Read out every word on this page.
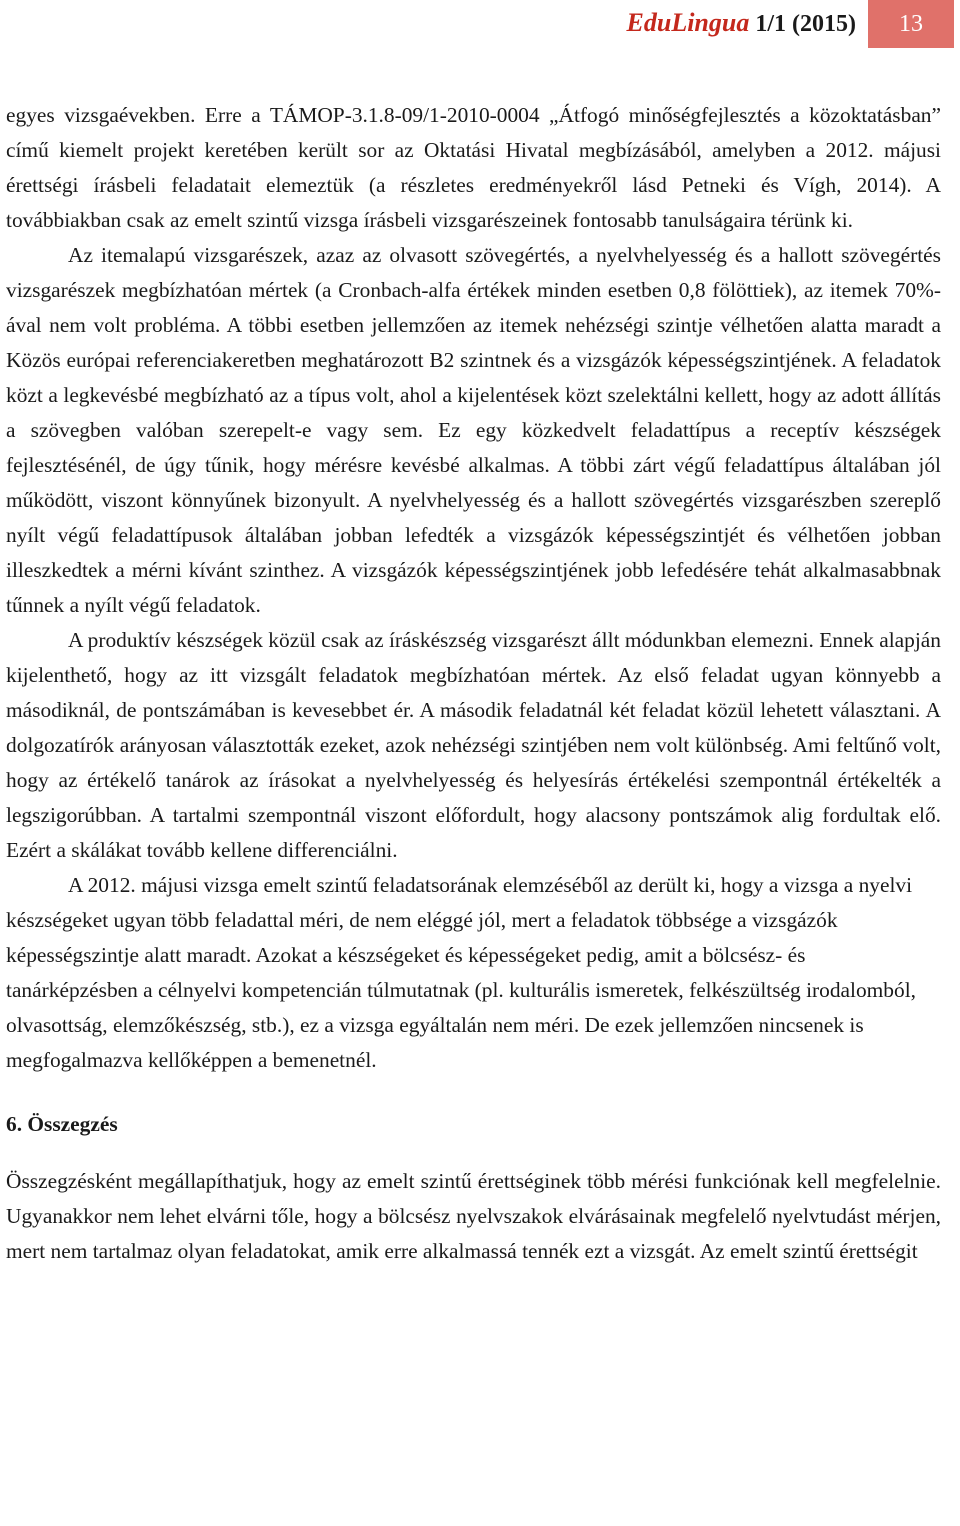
EduLingua 1/1 (2015)	13

egyes vizsgaévekben. Erre a TÁMOP-3.1.8-09/1-2010-0004 „Átfogó minőségfejlesztés a közoktatásban” című kiemelt projekt keretében került sor az Oktatási Hivatal megbízásából, amelyben a 2012. májusi érettségi írásbeli feladatait elemeztük (a részletes eredményekről lásd Petneki és Vígh, 2014). A továbbiakban csak az emelt szintű vizsga írásbeli vizsgarészeinek fontosabb tanulságaira térünk ki.

Az itemalapú vizsgarészek, azaz az olvasott szövegértés, a nyelvhelyesség és a hallott szövegértés vizsgarészek megbízhatóan mértek (a Cronbach-alfa értékek minden esetben 0,8 fölöttiek), az itemek 70%-ával nem volt probléma. A többi esetben jellemzően az itemek nehézségi szintje vélhetően alatta maradt a Közös európai referenciakeretben meghatározott B2 szintnek és a vizsgázók képességszintjének. A feladatok közt a legkevésbé megbízható az a típus volt, ahol a kijelentések közt szelektálni kellett, hogy az adott állítás a szövegben valóban szerepelt-e vagy sem. Ez egy közkedvelt feladattípus a receptív készségek fejlesztésénél, de úgy tűnik, hogy mérésre kevésbé alkalmas. A többi zárt végű feladattípus általában jól működött, viszont könnyűnek bizonyult. A nyelvhelyesség és a hallott szövegértés vizsgarészben szereplő nyílt végű feladattípusok általában jobban lefedték a vizsgázók képességszintjét és vélhetően jobban illeszkedtek a mérni kívánt szinthez. A vizsgázók képességszintjének jobb lefedésére tehát alkalmasabbnak tűnnek a nyílt végű feladatok.

A produktív készségek közül csak az íráskészség vizsgarészt állt módunkban elemezni. Ennek alapján kijelenthető, hogy az itt vizsgált feladatok megbízhatóan mértek. Az első feladat ugyan könnyebb a másodiknál, de pontszámában is kevesebbet ér. A második feladatnál két feladat közül lehetett választani. A dolgozatírók arányosan választották ezeket, azok nehézségi szintjében nem volt különbség. Ami feltűnő volt, hogy az értékelő tanárok az írásokat a nyelvhelyesség és helyesírás értékelési szempontnál értékelték a legszigorúbban. A tartalmi szempontnál viszont előfordult, hogy alacsony pontszámok alig fordultak elő. Ezért a skálákat tovább kellene differenciálni.

A 2012. májusi vizsga emelt szintű feladatsorának elemzéséből az derült ki, hogy a vizsga a nyelvi készségeket ugyan több feladattal méri, de nem eléggé jól, mert a feladatok többsége a vizsgázók képességszintje alatt maradt. Azokat a készségeket és képességeket pedig, amit a bölcsész- és tanárképzésben a célnyelvi kompetencián túlmutatnak (pl. kulturális ismeretek, felkészültség irodalomból, olvasottság, elemzőkészség, stb.), ez a vizsga egyáltalán nem méri. De ezek jellemzően nincsenek is megfogalmazva kellőképpen a bemenetnél.

6. Összegzés

Összegzésként megállapíthatjuk, hogy az emelt szintű érettséginek több mérési funkciónak kell megfelelnie. Ugyanakkor nem lehet elvárni tőle, hogy a bölcsész nyelvszakok elvárásainak megfelelő nyelvtudást mérjen, mert nem tartalmaz olyan feladatokat, amik erre alkalmassá tennék ezt a vizsgát. Az emelt szintű érettségit
